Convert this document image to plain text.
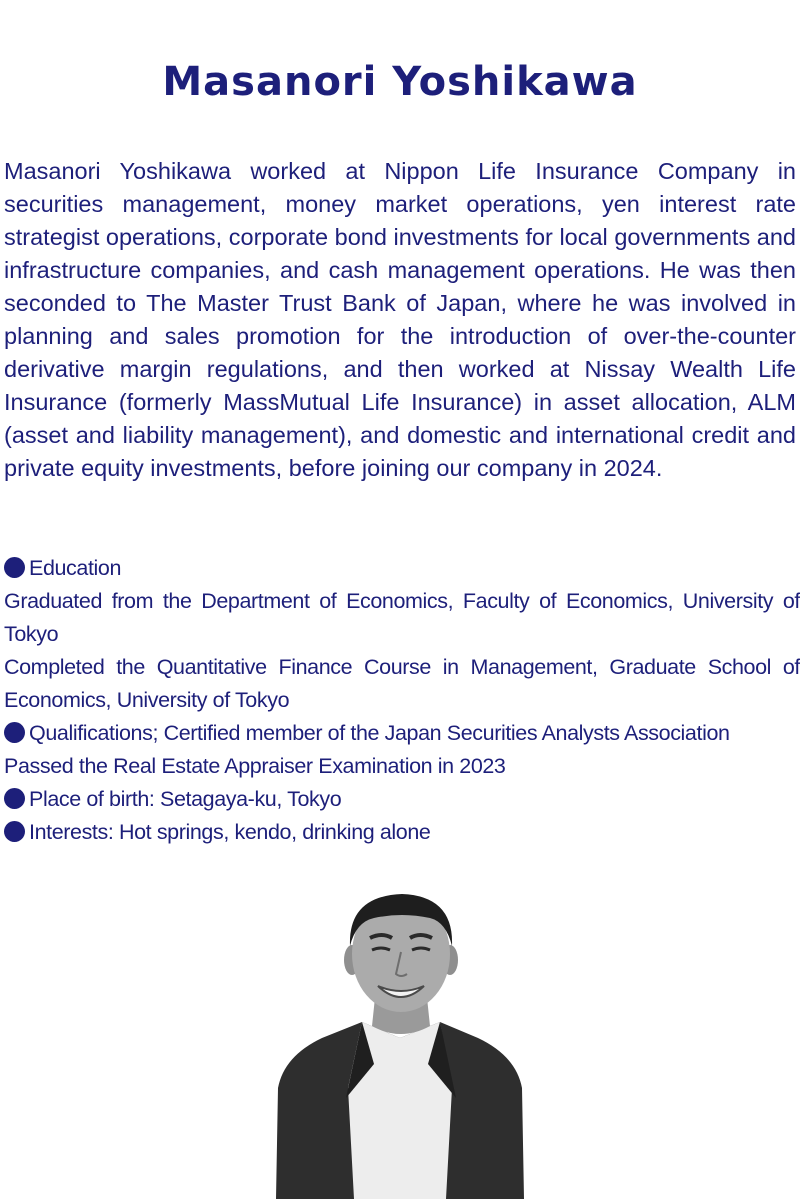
Masanori Yoshikawa

Masanori Yoshikawa worked at Nippon Life Insurance Company in securities management, money market operations, yen interest rate strategist operations, corporate bond investments for local governments and infrastructure companies, and cash management operations. He was then seconded to The Master Trust Bank of Japan, where he was involved in planning and sales promotion for the introduction of over-the-counter derivative margin regulations, and then worked at Nissay Wealth Life Insurance (formerly MassMutual Life Insurance) in asset allocation, ALM (asset and liability management), and domestic and international credit and private equity investments, before joining our company in 2024.

Education
Graduated from the Department of Economics, Faculty of Economics, University of Tokyo
Completed the Quantitative Finance Course in Management, Graduate School of Economics, University of Tokyo
Qualifications; Certified member of the Japan Securities Analysts Association
Passed the Real Estate Appraiser Examination in 2023
Place of birth: Setagaya-ku, Tokyo
Interests: Hot springs, kendo, drinking alone
